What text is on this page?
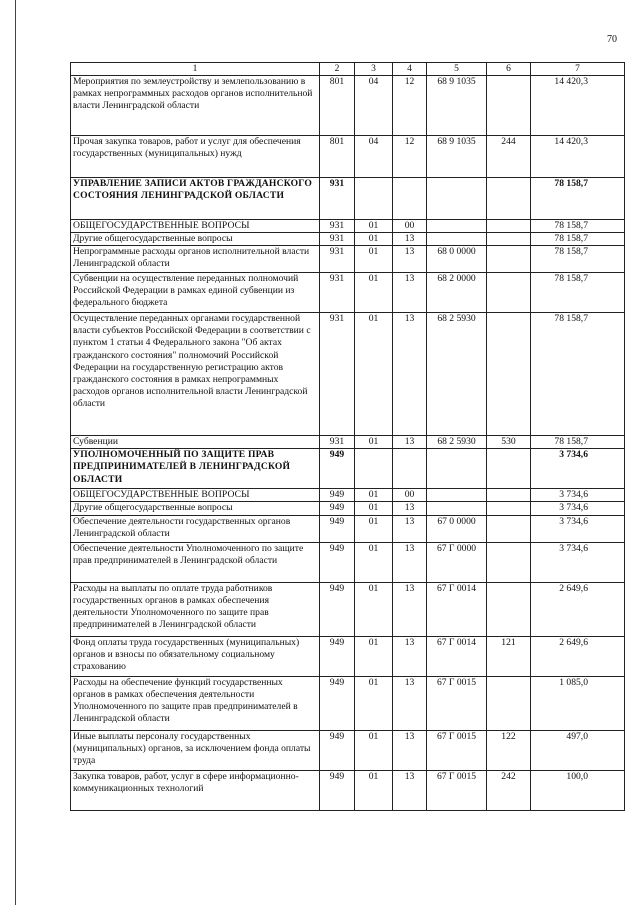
70
1	2	3	4	5	6	7
Мероприятия по землеустройству и землепользованию в рамках непрограммных расходов органов исполнительной власти Ленинградской области	801	04	12	68 9 1035		14 420,3
Прочая закупка товаров, работ и услуг для обеспечения государственных (муниципальных) нужд	801	04	12	68 9 1035	244	14 420,3
УПРАВЛЕНИЕ ЗАПИСИ АКТОВ ГРАЖДАНСКОГО СОСТОЯНИЯ ЛЕНИНГРАДСКОЙ ОБЛАСТИ	931					78 158,7
ОБЩЕГОСУДАРСТВЕННЫЕ ВОПРОСЫ	931	01	00			78 158,7
Другие общегосударственные вопросы	931	01	13			78 158,7
Непрограммные расходы органов исполнительной власти Ленинградской области	931	01	13	68 0 0000		78 158,7
Субвенции на осуществление переданных полномочий Российской Федерации в рамках единой субвенции из федерального бюджета	931	01	13	68 2 0000		78 158,7
Осуществление переданных органами государственной власти субъектов Российской Федерации в соответствии с пунктом 1 статьи 4 Федерального закона "Об актах гражданского состояния" полномочий Российской Федерации на государственную регистрацию актов гражданского состояния в рамках непрограммных расходов органов исполнительной власти Ленинградской области	931	01	13	68 2 5930		78 158,7
Субвенции	931	01	13	68 2 5930	530	78 158,7
УПОЛНОМОЧЕННЫЙ ПО ЗАЩИТЕ ПРАВ ПРЕДПРИНИМАТЕЛЕЙ В ЛЕНИНГРАДСКОЙ ОБЛАСТИ	949					3 734,6
ОБЩЕГОСУДАРСТВЕННЫЕ ВОПРОСЫ	949	01	00			3 734,6
Другие общегосударственные вопросы	949	01	13			3 734,6
Обеспечение деятельности государственных органов Ленинградской области	949	01	13	67 0 0000		3 734,6
Обеспечение деятельности Уполномоченного по защите прав предпринимателей в Ленинградской области	949	01	13	67 Г 0000		3 734,6
Расходы на выплаты по оплате труда работников государственных органов в рамках обеспечения деятельности Уполномоченного по защите прав предпринимателей в Ленинградской области	949	01	13	67 Г 0014		2 649,6
Фонд оплаты труда государственных (муниципальных) органов и взносы по обязательному социальному страхованию	949	01	13	67 Г 0014	121	2 649,6
Расходы на обеспечение функций государственных органов в рамках обеспечения деятельности Уполномоченного по защите прав предпринимателей в Ленинградской области	949	01	13	67 Г 0015		1 085,0
Иные выплаты персоналу государственных (муниципальных) органов, за исключением фонда оплаты труда	949	01	13	67 Г 0015	122	497,0
Закупка товаров, работ, услуг в сфере информационно-коммуникационных технологий	949	01	13	67 Г 0015	242	100,0
